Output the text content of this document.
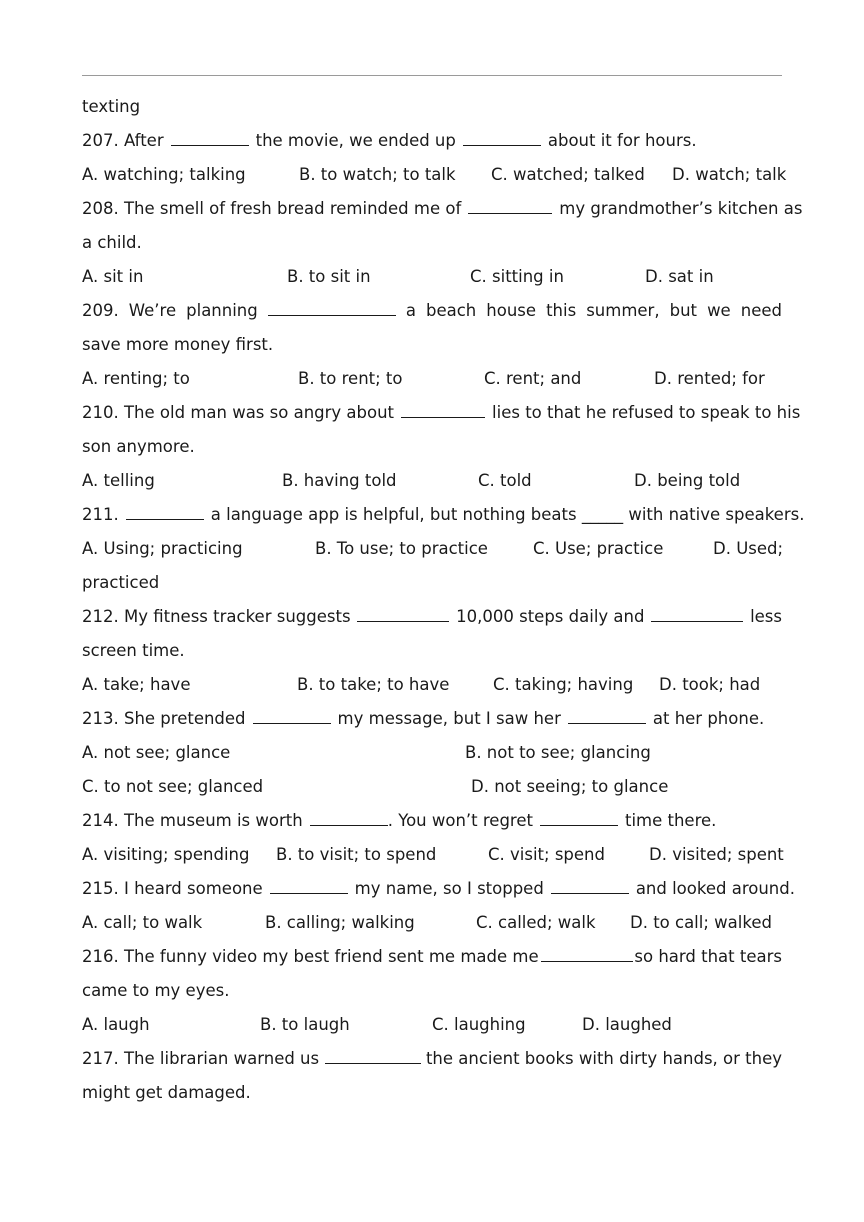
texting
207. After	the movie, we ended up	about it for hours.
A. watching; talking	B. to watch; to talk C. watched; talked D. watch; talk
208. The smell of fresh bread reminded me of	my grandmother’s kitchen as
a child.
A. sit in	B. to sit in	C. sitting in	D. sat in
209. We’re planning	a beach house this summer, but we need
save more money first.
A. renting; to	B. to rent; to	C. rent; and	D. rented; for
210. The old man was so angry about	lies to that he refused to speak to his
son anymore.
A. telling	B. having told	C. told	D. being told
211.	a language app is helpful, but nothing beats _____ with native speakers.
A. Using; practicing	B. To use; to practice	C. Use; practice	D. Used;
practiced
212. My fitness tracker suggests	10,000 steps daily and	less
screen time.
A. take; have	B. to take; to have	C. taking; having D. took; had
213. She pretended	my message, but I saw her	at her phone.
A. not see; glance	B. not to see; glancing
C. to not see; glanced	D. not seeing; to glance
214. The museum is worth	. You won’t regret	time there.
A. visiting; spending B. to visit; to spend	C. visit; spend	D. visited; spent
215. I heard someone	my name, so I stopped	and looked around.
A. call; to walk	B. calling; walking	C. called; walk D. to call; walked
216. The funny video my best friend sent me made me	so hard that tears
came to my eyes.
A. laugh	B. to laugh	C. laughing	D. laughed
217. The librarian warned us	the ancient books with dirty hands, or they
might get damaged.
